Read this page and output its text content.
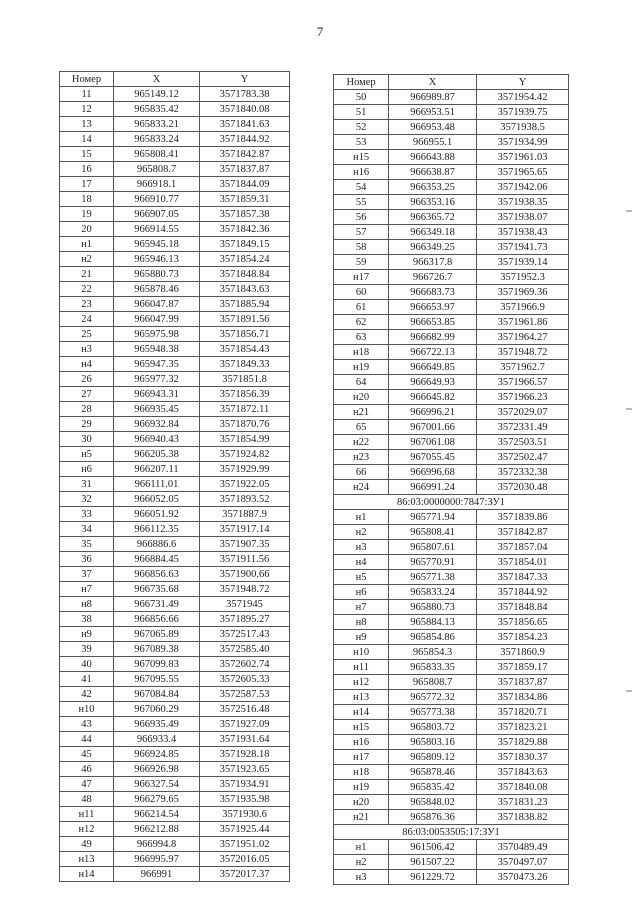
7
Номер	X	Y
11	965149.12	3571783.38
12	965835.42	3571840.08
13	965833.21	3571841.63
14	965833.24	3571844.92
15	965808.41	3571842.87
16	965808.7	3571837.87
17	966918.1	3571844.09
18	966910.77	3571859.31
19	966907.05	3571857.38
20	966914.55	3571842.36
н1	965945.18	3571849.15
н2	965946.13	3571854.24
21	965880.73	3571848.84
22	965878.46	3571843.63
23	966047.87	3571885.94
24	966047.99	3571891.56
25	965975.98	3571856.71
н3	965948.38	3571854.43
н4	965947.35	3571849.33
26	965977.32	3571851.8
27	966943.31	3571856.39
28	966935.45	3571872.11
29	966932.84	3571870.76
30	966940.43	3571854.99
н5	966205.38	3571924.82
н6	966207.11	3571929.99
31	966111.01	3571922.05
32	966052.05	3571893.52
33	966051.92	3571887.9
34	966112.35	3571917.14
35	966886.6	3571907.35
36	966884.45	3571911.56
37	966856.63	3571900.66
н7	966735.68	3571948.72
н8	966731.49	3571945
38	966856.66	3571895.27
н9	967065.89	3572517.43
39	967089.38	3572585.40
40	967099.83	3572602.74
41	967095.55	3572605.33
42	967084.84	3572587.53
н10	967060.29	3572516.48
43	966935.49	3571927.09
44	966933.4	3571931.64
45	966924.85	3571928.18
46	966926.98	3571923.65
47	966327.54	3571934.91
48	966279.65	3571935.98
н11	966214.54	3571930.6
н12	966212.88	3571925.44
49	966994.8	3571951.02
н13	966995.97	3572016.05
н14	966991	3572017.37
Номер	X	Y
50	966989.87	3571954.42
51	966953.51	3571939.75
52	966953.48	3571938.5
53	966955.1	3571934.99
н15	966643.88	3571961.03
н16	966638.87	3571965.65
54	966353.25	3571942.06
55	966353.16	3571938.35
56	966365.72	3571938.07
57	966349.18	3571938.43
58	966349.25	3571941.73
59	966317.8	3571939.14
н17	966726.7	3571952.3
60	966683.73	3571969.36
61	966653.97	3571966.9
62	966653.85	3571961.86
63	966682.99	3571964.27
н18	966722.13	3571948.72
н19	966649.85	3571962.7
64	966649.93	3571966.57
н20	966645.82	3571966.23
н21	966996.21	3572029.07
65	967001.66	3572331.49
н22	967061.08	3572503.51
н23	967055.45	3572502.47
66	966996.68	3572332.38
н24	966991.24	3572030.48
86:03:0000000:7847:ЗУ1		
н1	965771.94	3571839.86
н2	965808.41	3571842.87
н3	965807.61	3571857.04
н4	965770.91	3571854.01
н5	965771.38	3571847.33
н6	965833.24	3571844.92
н7	965880.73	3571848.84
н8	965884.13	3571856.65
н9	965854.86	3571854.23
н10	965854.3	3571860.9
н11	965833.35	3571859.17
н12	965808.7	3571837.87
н13	965772.32	3571834.86
н14	965773.38	3571820.71
н15	965803.72	3571823.21
н16	965803.16	3571829.88
н17	965809.12	3571830.37
н18	965878.46	3571843.63
н19	965835.42	3571840.08
н20	965848.02	3571831.23
н21	965876.36	3571838.82
86:03:0053505:17:ЗУ1		
н1	961506.42	3570489.49
н2	961507.22	3570497.07
н3	961229.72	3570473.26
